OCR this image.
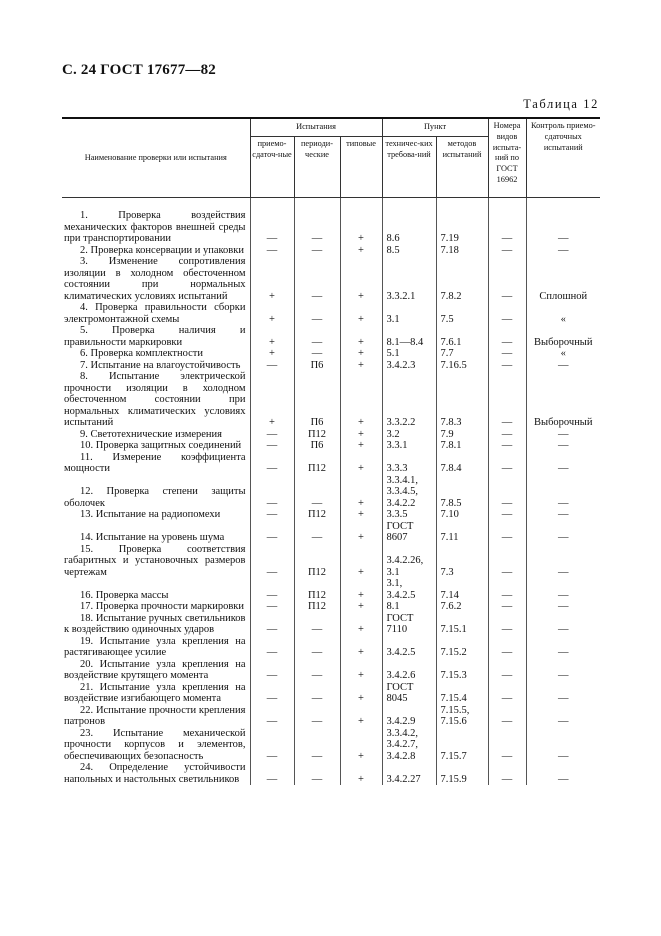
С. 24 ГОСТ 17677—82
Таблица 12
Наименование проверки или испытания	Испытания			Пункт		Номера видов испыта-ний по ГОСТ 16962	Контроль приемо-сдаточных испытаний
	приемо-сдаточ-ные	периоди-ческие	типовые	техничес-ких требова-ний	методов испытаний		

1. Проверка воздействия механических факторов внешней среды при транспортировании	—	—	+	8.6	7.19	—	—

2. Проверка консервации и упаковки	—	—	+	8.5	7.18	—	—

3. Изменение сопротивления изоляции в холодном обесточенном состоянии при нормальных климатических условиях испытаний	+	—	+	3.3.2.1	7.8.2	—	Сплошной

4. Проверка правильности сборки электромонтажной схемы	+	—	+	3.1	7.5	—	«

5. Проверка наличия и правильности маркировки	+	—	+	8.1—8.4	7.6.1	—	Выборочный

6. Проверка комплектности	+	—	+	5.1	7.7	—	«

7. Испытание на влагоустойчивость	—	П6	+	3.4.2.3	7.16.5	—	—

8. Испытание электрической прочности изоляции в холодном обесточенном состоянии при нормальных климатических условиях испытаний	+	П6	+	3.3.2.2	7.8.3	—	Выборочный

9. Светотехнические измерения	—	П12	+	3.2	7.9	—	—

10. Проверка защитных соединений	—	П6	+	3.3.1	7.8.1	—	—

11. Измерение коэффициента мощности	—	П12	+	3.3.3	7.8.4	—	—

12. Проверка степени защиты оболочек	—	—	+	3.3.4.1, 3.3.4.5, 3.4.2.2	7.8.5	—	—

13. Испытание на радиопомехи	—	П12	+	3.3.5	7.10	—	—

14. Испытание на уровень шума	—	—	+	ГОСТ 8607	7.11	—	—

15. Проверка соответствия габаритных и установочных размеров чертежам	—	П12	+	3.4.2.26, 3.1	7.3	—	—

16. Проверка массы	—	П12	+	3.1, 3.4.2.5	7.14	—	—

17. Проверка прочности маркировки	—	П12	+	8.1	7.6.2	—	—

18. Испытание ручных светильников к воздействию одиночных ударов	—	—	+	ГОСТ 7110	7.15.1	—	—

19. Испытание узла крепления на растягивающее усилие	—	—	+	3.4.2.5	7.15.2	—	—

20. Испытание узла крепления на воздействие крутящего момента	—	—	+	3.4.2.6	7.15.3	—	—

21. Испытание узла крепления на воздействие изгибающего момента	—	—	+	ГОСТ 8045	7.15.4	—	—

22. Испытание прочности крепления патронов	—	—	+	3.4.2.9	7.15.5, 7.15.6	—	—

23. Испытание механической прочности корпусов и элементов, обеспечивающих безопасность	—	—	+	3.3.4.2, 3.4.2.7, 3.4.2.8	7.15.7	—	—

24. Определение устойчивости напольных и настольных светильников	—	—	+	3.4.2.27	7.15.9	—	—
